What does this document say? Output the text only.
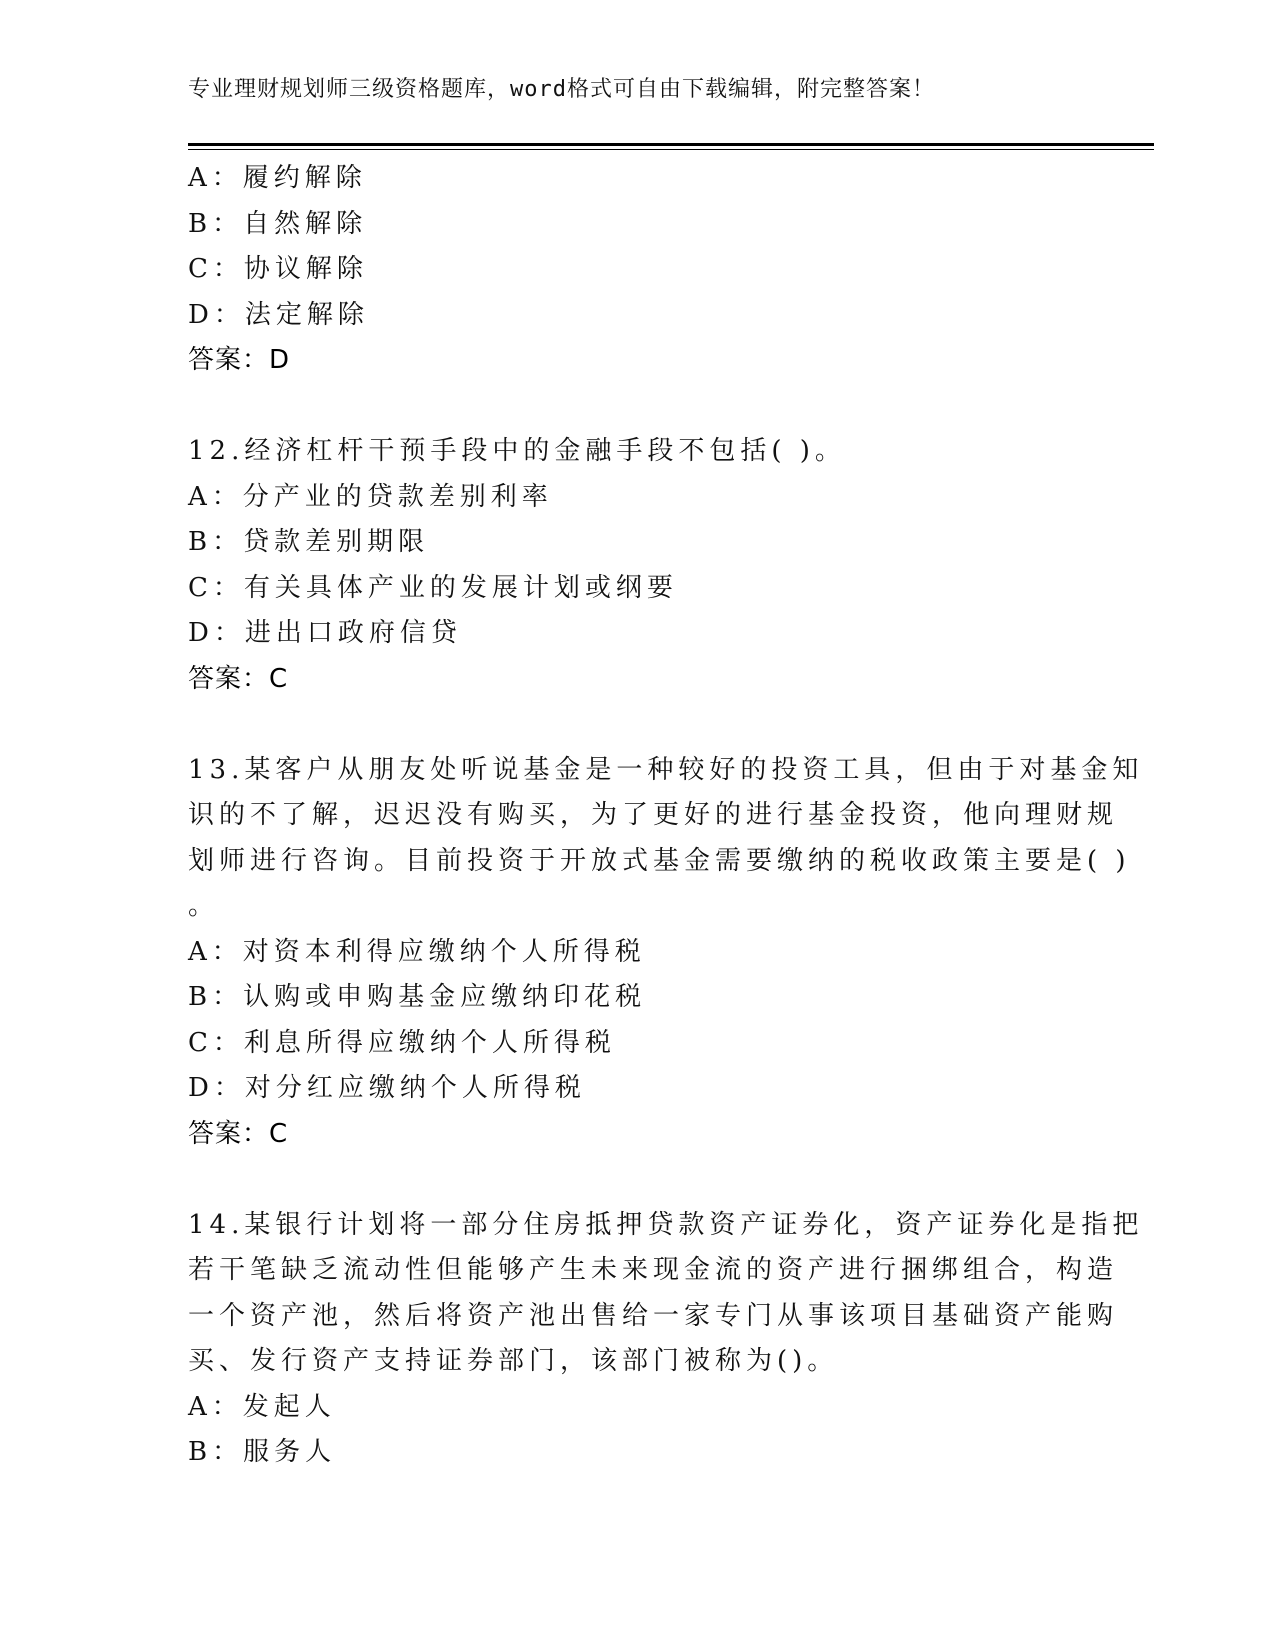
专业理财规划师三级资格题库，word格式可自由下载编辑，附完整答案！
A：履约解除
B：自然解除
C：协议解除
D：法定解除
答案：D
12.经济杠杆干预手段中的金融手段不包括( )。
A：分产业的贷款差别利率
B：贷款差别期限
C：有关具体产业的发展计划或纲要
D：进出口政府信贷
答案：C
13.某客户从朋友处听说基金是一种较好的投资工具，但由于对基金知
识的不了解，迟迟没有购买，为了更好的进行基金投资，他向理财规
划师进行咨询。目前投资于开放式基金需要缴纳的税收政策主要是( )
。
A：对资本利得应缴纳个人所得税
B：认购或申购基金应缴纳印花税
C：利息所得应缴纳个人所得税
D：对分红应缴纳个人所得税
答案：C
14.某银行计划将一部分住房抵押贷款资产证券化，资产证券化是指把
若干笔缺乏流动性但能够产生未来现金流的资产进行捆绑组合，构造
一个资产池，然后将资产池出售给一家专门从事该项目基础资产能购
买、发行资产支持证券部门，该部门被称为()。
A：发起人
B：服务人
